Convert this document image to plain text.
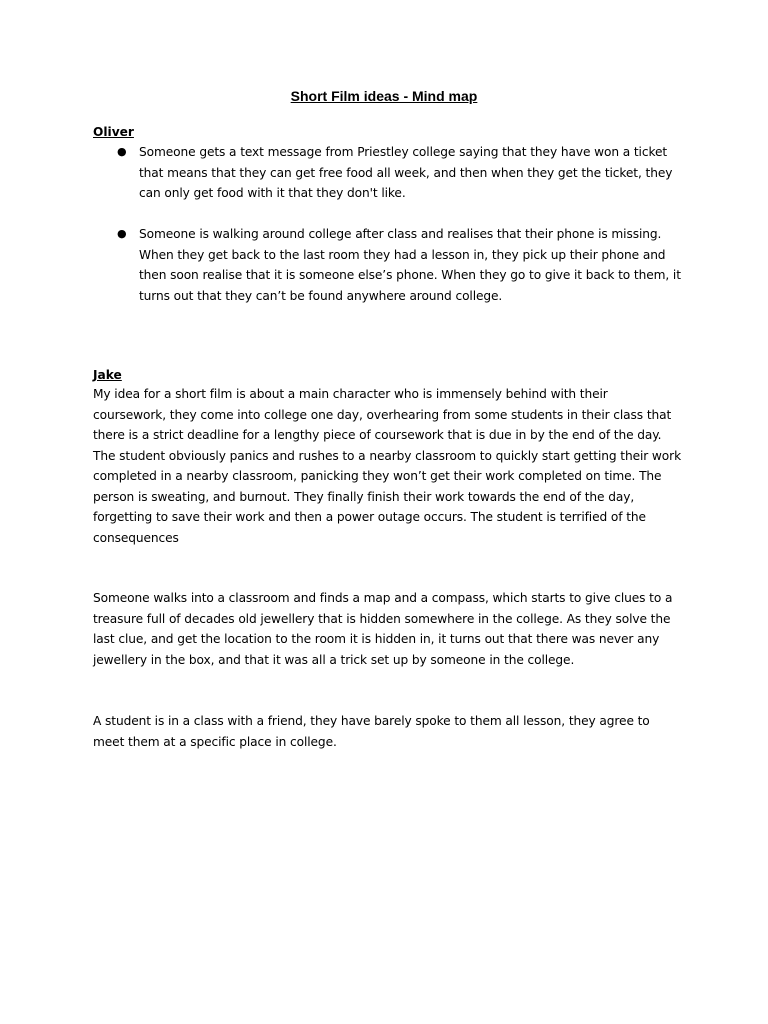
Short Film ideas - Mind map
Oliver
● Someone gets a text message from Priestley college saying that they have won a ticket that means that they can get free food all week, and then when they get the ticket, they can only get food with it that they don't like.
● Someone is walking around college after class and realises that their phone is missing. When they get back to the last room they had a lesson in, they pick up their phone and then soon realise that it is someone else’s phone. When they go to give it back to them, it turns out that they can’t be found anywhere around college.
Jake

My idea for a short film is about a main character who is immensely behind with their coursework, they come into college one day, overhearing from some students in their class that there is a strict deadline for a lengthy piece of coursework that is due in by the end of the day. The student obviously panics and rushes to a nearby classroom to quickly start getting their work completed in a nearby classroom, panicking they won’t get their work completed on time. The person is sweating, and burnout. They finally finish their work towards the end of the day, forgetting to save their work and then a power outage occurs. The student is terrified of the consequences

Someone walks into a classroom and finds a map and a compass, which starts to give clues to a treasure full of decades old jewellery that is hidden somewhere in the college. As they solve the last clue, and get the location to the room it is hidden in, it turns out that there was never any jewellery in the box, and that it was all a trick set up by someone in the college.

A student is in a class with a friend, they have barely spoke to them all lesson, they agree to meet them at a specific place in college.
